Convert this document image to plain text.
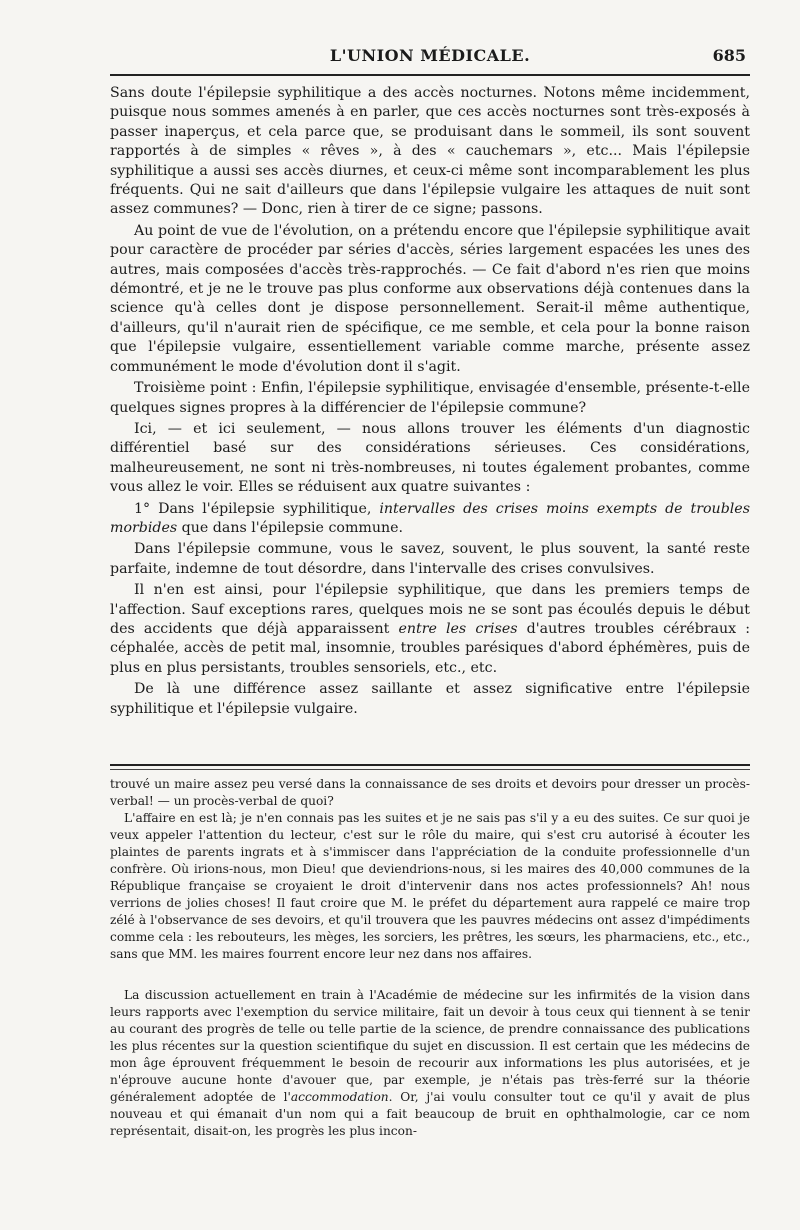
L'UNION MÉDICALE.	685

Sans doute l'épilepsie syphilitique a des accès nocturnes. Notons même incidemment, puisque nous sommes amenés à en parler, que ces accès nocturnes sont très-exposés à passer inaperçus, et cela parce que, se produisant dans le sommeil, ils sont souvent rapportés à de simples « rêves », à des « cauchemars », etc... Mais l'épilepsie syphilitique a aussi ses accès diurnes, et ceux-ci même sont incomparablement les plus fréquents. Qui ne sait d'ailleurs que dans l'épilepsie vulgaire les attaques de nuit sont assez communes? — Donc, rien à tirer de ce signe; passons.

Au point de vue de l'évolution, on a prétendu encore que l'épilepsie syphilitique avait pour caractère de procéder par séries d'accès, séries largement espacées les unes des autres, mais composées d'accès très-rapprochés. — Ce fait d'abord n'es rien que moins démontré, et je ne le trouve pas plus conforme aux observations déjà contenues dans la science qu'à celles dont je dispose personnellement. Serait-il même authentique, d'ailleurs, qu'il n'aurait rien de spécifique, ce me semble, et cela pour la bonne raison que l'épilepsie vulgaire, essentiellement variable comme marche, présente assez communément le mode d'évolution dont il s'agit.

Troisième point : Enfin, l'épilepsie syphilitique, envisagée d'ensemble, présente-t-elle quelques signes propres à la différencier de l'épilepsie commune?

Ici, — et ici seulement, — nous allons trouver les éléments d'un diagnostic différentiel basé sur des considérations sérieuses. Ces considérations, malheureusement, ne sont ni très-nombreuses, ni toutes également probantes, comme vous allez le voir. Elles se réduisent aux quatre suivantes :

1° Dans l'épilepsie syphilitique, intervalles des crises moins exempts de troubles morbides que dans l'épilepsie commune.

Dans l'épilepsie commune, vous le savez, souvent, le plus souvent, la santé reste parfaite, indemne de tout désordre, dans l'intervalle des crises convulsives.

Il n'en est ainsi, pour l'épilepsie syphilitique, que dans les premiers temps de l'affection. Sauf exceptions rares, quelques mois ne se sont pas écoulés depuis le début des accidents que déjà apparaissent entre les crises d'autres troubles cérébraux : céphalée, accès de petit mal, insomnie, troubles parésiques d'abord éphémères, puis de plus en plus persistants, troubles sensoriels, etc., etc.

De là une différence assez saillante et assez significative entre l'épilepsie syphilitique et l'épilepsie vulgaire.

trouvé un maire assez peu versé dans la connaissance de ses droits et devoirs pour dresser un procès-verbal! — un procès-verbal de quoi?

L'affaire en est là; je n'en connais pas les suites et je ne sais pas s'il y a eu des suites. Ce sur quoi je veux appeler l'attention du lecteur, c'est sur le rôle du maire, qui s'est cru autorisé à écouter les plaintes de parents ingrats et à s'immiscer dans l'appréciation de la conduite professionnelle d'un confrère. Où irions-nous, mon Dieu! que deviendrions-nous, si les maires des 40,000 communes de la République française se croyaient le droit d'intervenir dans nos actes professionnels? Ah! nous verrions de jolies choses! Il faut croire que M. le préfet du département aura rappelé ce maire trop zélé à l'observance de ses devoirs, et qu'il trouvera que les pauvres médecins ont assez d'impédiments comme cela : les rebouteurs, les mèges, les sorciers, les prêtres, les sœurs, les pharmaciens, etc., etc., sans que MM. les maires fourrent encore leur nez dans nos affaires.

La discussion actuellement en train à l'Académie de médecine sur les infirmités de la vision dans leurs rapports avec l'exemption du service militaire, fait un devoir à tous ceux qui tiennent à se tenir au courant des progrès de telle ou telle partie de la science, de prendre connaissance des publications les plus récentes sur la question scientifique du sujet en discussion. Il est certain que les médecins de mon âge éprouvent fréquemment le besoin de recourir aux informations les plus autorisées, et je n'éprouve aucune honte d'avouer que, par exemple, je n'étais pas très-ferré sur la théorie généralement adoptée de l'accommodation. Or, j'ai voulu consulter tout ce qu'il y avait de plus nouveau et qui émanait d'un nom qui a fait beaucoup de bruit en ophthalmologie, car ce nom représentait, disait-on, les progrès les plus incon-
